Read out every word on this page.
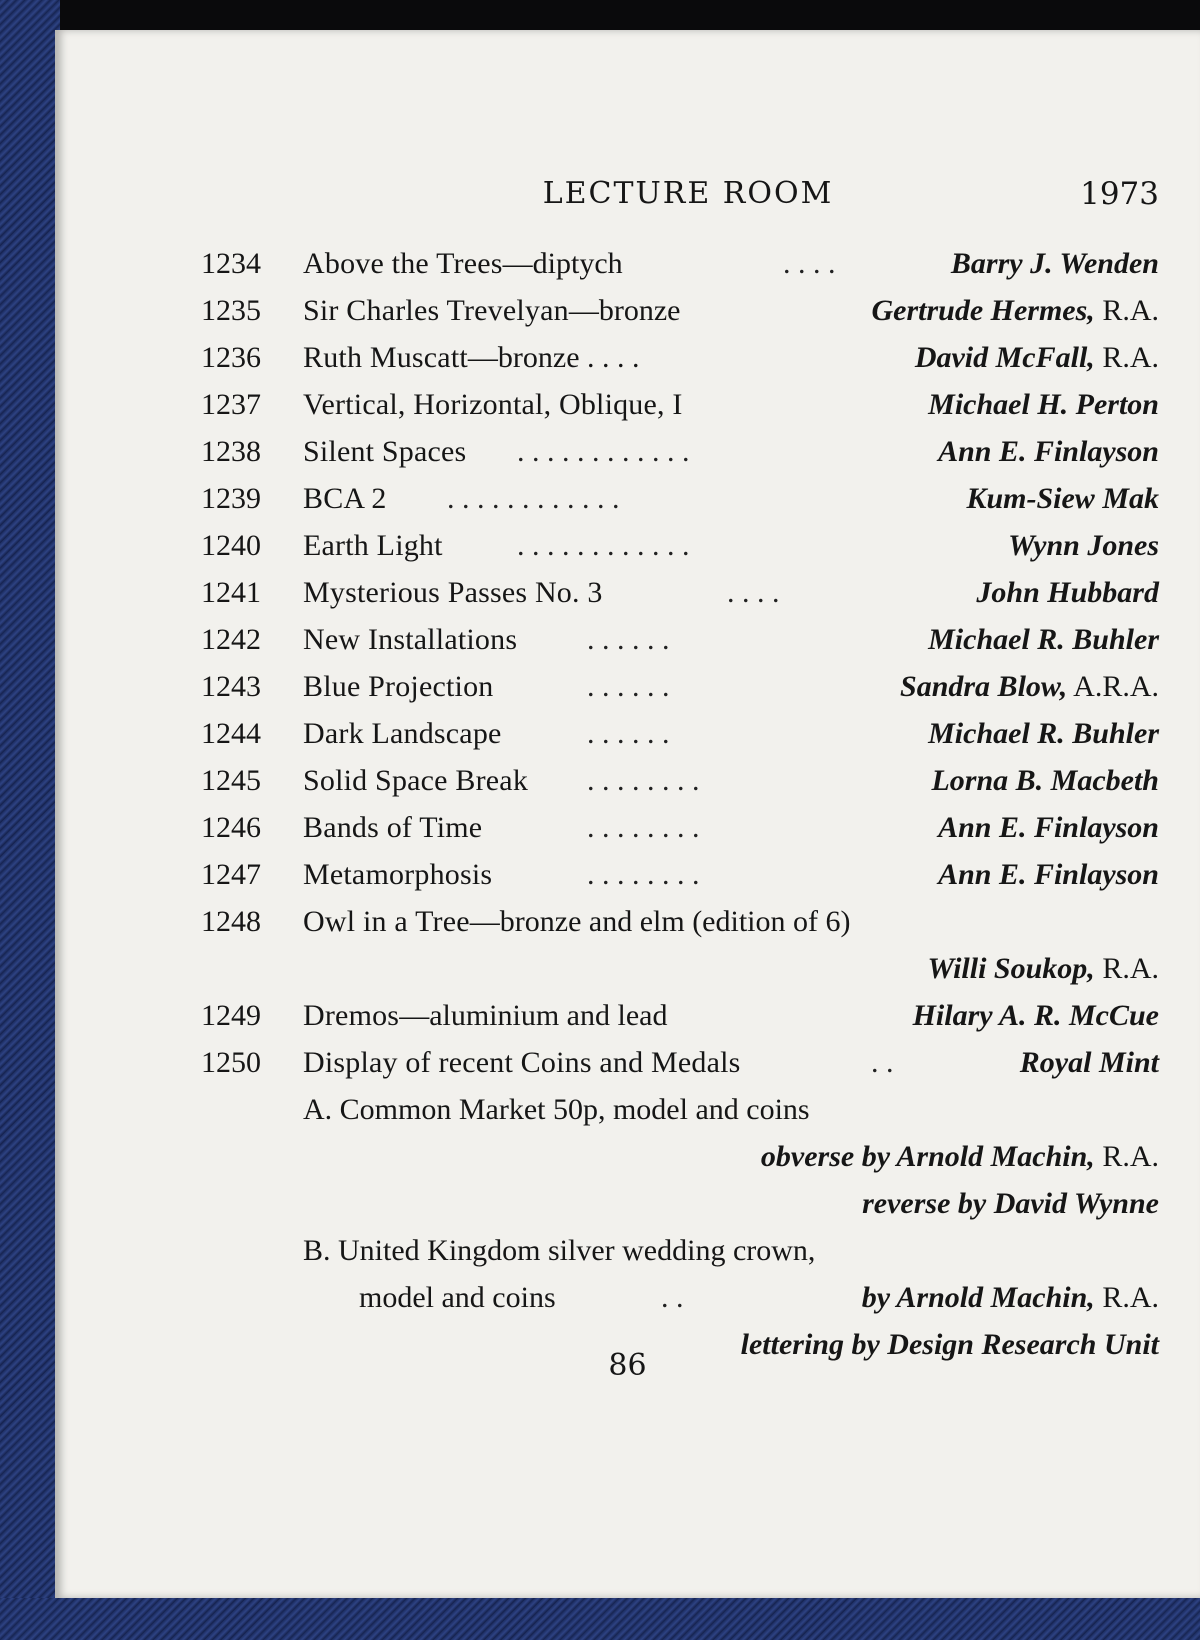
LECTURE ROOM	1973
1234	Above the Trees—diptych	. . . .	Barry J. Wenden
1235	Sir Charles Trevelyan—bronze	Gertrude Hermes, R.A.
1236	Ruth Muscatt—bronze . . . .	David McFall, R.A.
1237	Vertical, Horizontal, Oblique, I	Michael H. Perton
1238	Silent Spaces . . . . . . . . . . . .	Ann E. Finlayson
1239	BCA 2 . . . . . . . . . . . .	Kum-Siew Mak
1240	Earth Light . . . . . . . . . . . .	Wynn Jones
1241	Mysterious Passes No. 3	. . . .	John Hubbard
1242	New Installations . . . . . .	Michael R. Buhler
1243	Blue Projection	. . . . . .	Sandra Blow, A.R.A.
1244	Dark Landscape	. . . . . .	Michael R. Buhler
1245	Solid Space Break . . . . . . . .	Lorna B. Macbeth
1246	Bands of Time	. . . . . . . .	Ann E. Finlayson
1247	Metamorphosis	. . . . . . . .	Ann E. Finlayson
1248	Owl in a Tree—bronze and elm (edition of 6)
Willi Soukop, R.A.
1249	Dremos—aluminium and lead	Hilary A. R. McCue
1250	Display of recent Coins and Medals	. .	Royal Mint
A. Common Market 50p, model and coins
obverse by Arnold Machin, R.A.
reverse by David Wynne
B. United Kingdom silver wedding crown,
model and coins	. .	by Arnold Machin, R.A.
lettering by Design Research Unit
86
